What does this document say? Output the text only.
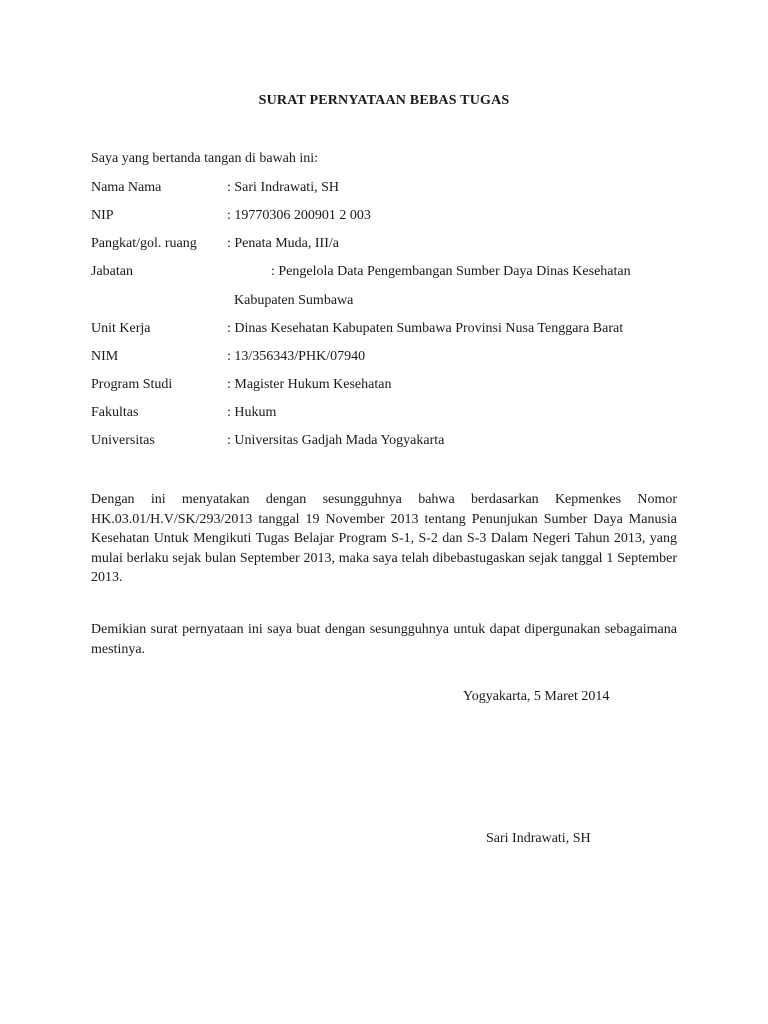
SURAT PERNYATAAN BEBAS TUGAS
Saya yang bertanda tangan di bawah ini:
Nama Nama	: Sari Indrawati, SH
NIP	: 19770306 200901 2 003
Pangkat/gol. ruang : Penata Muda, III/a
Jabatan	: Pengelola Data Pengembangan Sumber Daya Dinas Kesehatan
Kabupaten Sumbawa
Unit Kerja	: Dinas Kesehatan Kabupaten Sumbawa Provinsi Nusa Tenggara Barat
NIM	: 13/356343/PHK/07940
Program Studi	: Magister Hukum Kesehatan
Fakultas	: Hukum
Universitas	: Universitas Gadjah Mada Yogyakarta

Dengan ini menyatakan dengan sesungguhnya bahwa berdasarkan Kepmenkes Nomor HK.03.01/H.V/SK/293/2013 tanggal 19 November 2013 tentang Penunjukan Sumber Daya Manusia Kesehatan Untuk Mengikuti Tugas Belajar Program S-1, S-2 dan S-3 Dalam Negeri Tahun 2013, yang mulai berlaku sejak bulan September 2013, maka saya telah dibebastugaskan sejak tanggal 1 September 2013.

Demikian surat pernyataan ini saya buat dengan sesungguhnya untuk dapat dipergunakan sebagaimana mestinya.

Yogyakarta, 5 Maret 2014
Sari Indrawati, SH
